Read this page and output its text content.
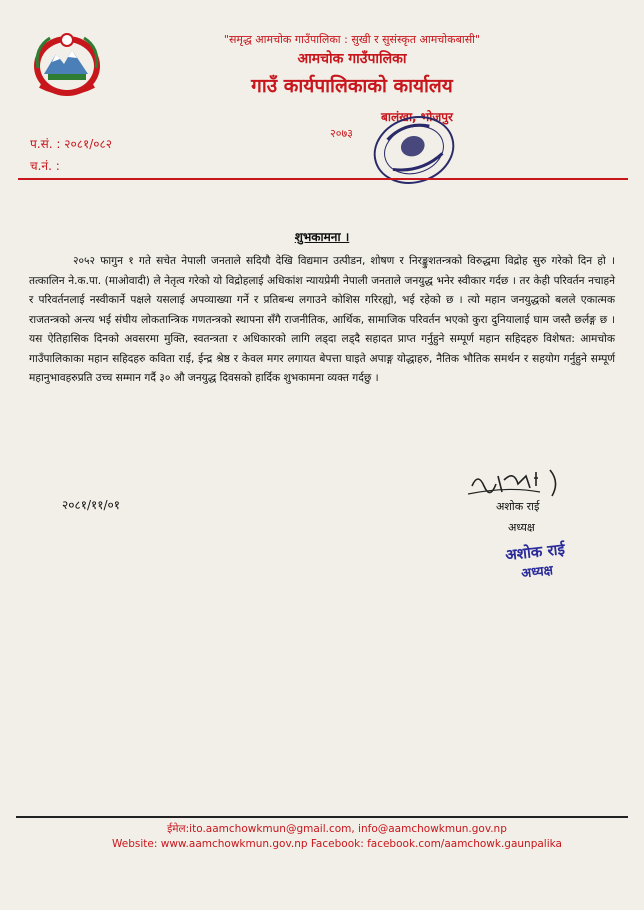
"समृद्ध आमचोक गाउँपालिका : सुखी र सुसंस्कृत आमचोकबासी"
आमचोक गाउँपालिका
गाउँ कार्यपालिकाको कार्यालय
बालंखा, भोजपुर
२०७३
प.सं. : २०८१/०८२
च.नं. :
शुभकामना ।
२०५२ फागुन १ गते सचेत नेपाली जनताले सदियौ देखि विद्यमान उत्पीडन, शोषण र निरङ्कुशतन्त्रको विरुद्धमा विद्रोह सुरु गरेको दिन हो । तत्कालिन ने.क.पा. (माओवादी) ले नेतृत्व गरेको यो विद्रोहलाई अधिकांश न्यायप्रेमी नेपाली जनताले जनयुद्ध भनेर स्वीकार गर्दछ । तर केही परिवर्तन नचाहने र परिवर्तनलाई नस्वीकार्ने पक्षले यसलाई अपव्याख्या गर्ने र प्रतिबन्ध लगाउने कोशिस गरिरह्यो, भई रहेको छ । त्यो महान जनयुद्धको बलले एकात्मक राजतन्त्रको अन्त्य भई संघीय लोकतान्त्रिक गणतन्त्रको स्थापना सँगै राजनीतिक, आर्थिक, सामाजिक परिवर्तन भएको कुरा दुनियालाई घाम जस्तै छर्लङ्ग छ । यस ऐतिहासिक दिनको अवसरमा मुक्ति, स्वतन्त्रता र अधिकारको लागि लड्दा लड्दै सहादत प्राप्त गर्नुहुने सम्पूर्ण महान सहिदहरु विशेषत: आमचोक गाउँपालिकाका महान सहिदहरु कविता राई, ईन्द्र श्रेष्ठ र केवल मगर लगायत बेपत्ता घाइते अपाङ्ग योद्धाहरु, नैतिक भौतिक समर्थन र सहयोग गर्नुहुने सम्पूर्ण महानुभावहरुप्रति उच्च सम्मान गर्दै ३० औ जनयुद्ध दिवसको हार्दिक शुभकामना व्यक्त गर्दछु ।
२०८१/११/०१	अशोक राई
अध्यक्ष
अशोक राई
अध्यक्ष
ईमेल:ito.aamchowkmun@gmail.com, info@aamchowkmun.gov.np
Website: www.aamchowkmun.gov.np Facebook: facebook.com/aamchowk.gaunpalika
